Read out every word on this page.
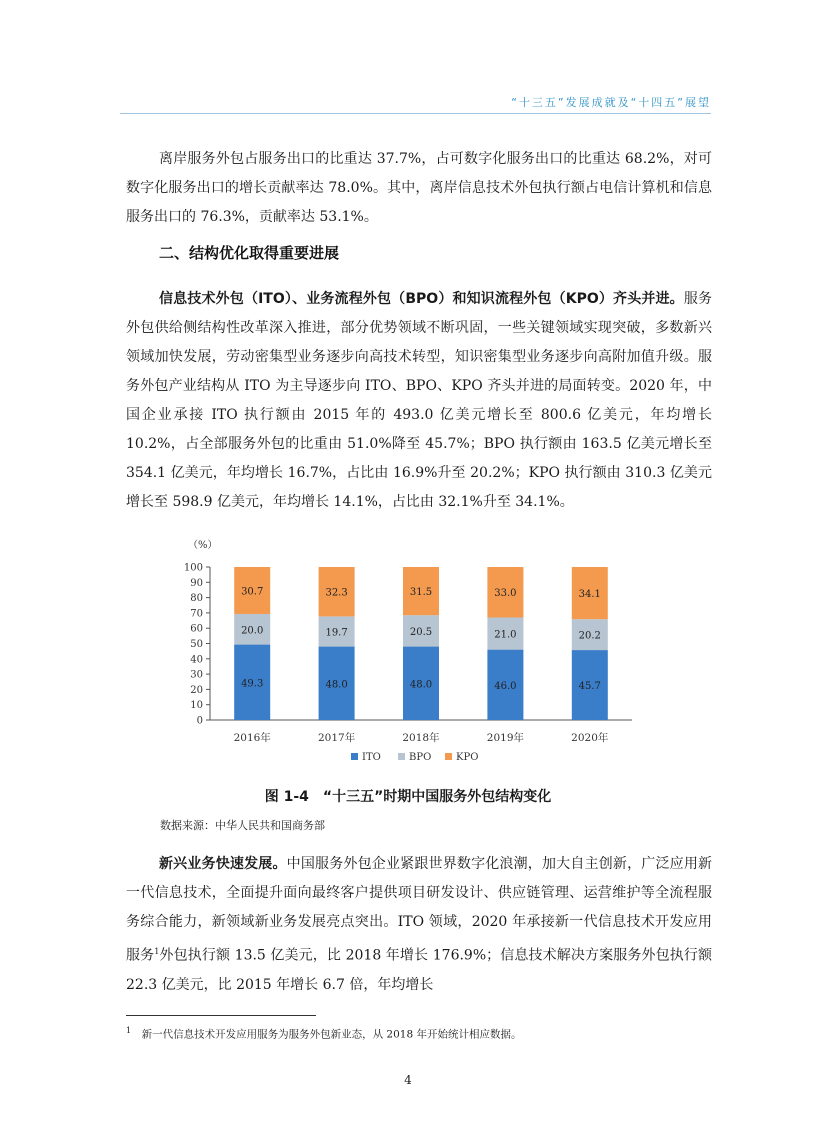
“十三五”发展成就及“十四五”展望

离岸服务外包占服务出口的比重达 37.7%，占可数字化服务出口的比重达 68.2%，对可数字化服务出口的增长贡献率达 78.0%。其中，离岸信息技术外包执行额占电信计算机和信息服务出口的 76.3%，贡献率达 53.1%。

二、结构优化取得重要进展

信息技术外包（ITO）、业务流程外包（BPO）和知识流程外包（KPO）齐头并进。服务外包供给侧结构性改革深入推进，部分优势领域不断巩固，一些关键领域实现突破，多数新兴领域加快发展，劳动密集型业务逐步向高技术转型，知识密集型业务逐步向高附加值升级。服务外包产业结构从 ITO 为主导逐步向 ITO、BPO、KPO 齐头并进的局面转变。2020 年，中国企业承接 ITO 执行额由 2015 年的 493.0 亿美元增长至 800.6 亿美元，年均增长 10.2%，占全部服务外包的比重由 51.0%降至 45.7%；BPO 执行额由 163.5 亿美元增长至 354.1 亿美元，年均增长 16.7%，占比由 16.9%升至 20.2%；KPO 执行额由 310.3 亿美元增长至 598.9 亿美元，年均增长 14.1%，占比由 32.1%升至 34.1%。

（%）
0
10
20
30
40
50
60
70
80
90
100
49.3
20.0
30.7
2016年
48.0
19.7
32.3
2017年
48.0
20.5
31.5
2018年
46.0
21.0
33.0
2019年
45.7
20.2
34.1
2020年
ITO	BPO KPO
图 1-4　“十三五”时期中国服务外包结构变化
数据来源：中华人民共和国商务部

新兴业务快速发展。中国服务外包企业紧跟世界数字化浪潮，加大自主创新，广泛应用新一代信息技术，全面提升面向最终客户提供项目研发设计、供应链管理、运营维护等全流程服务综合能力，新领域新业务发展亮点突出。ITO 领域，2020 年承接新一代信息技术开发应用服务$^1$外包执行额 13.5 亿美元，比 2018 年增长 176.9%；信息技术解决方案服务外包执行额 22.3 亿美元，比 2015 年增长 6.7 倍，年均增长

$^1$　 新一代信息技术开发应用服务为服务外包新业态，从 2018 年开始统计相应数据。
4
